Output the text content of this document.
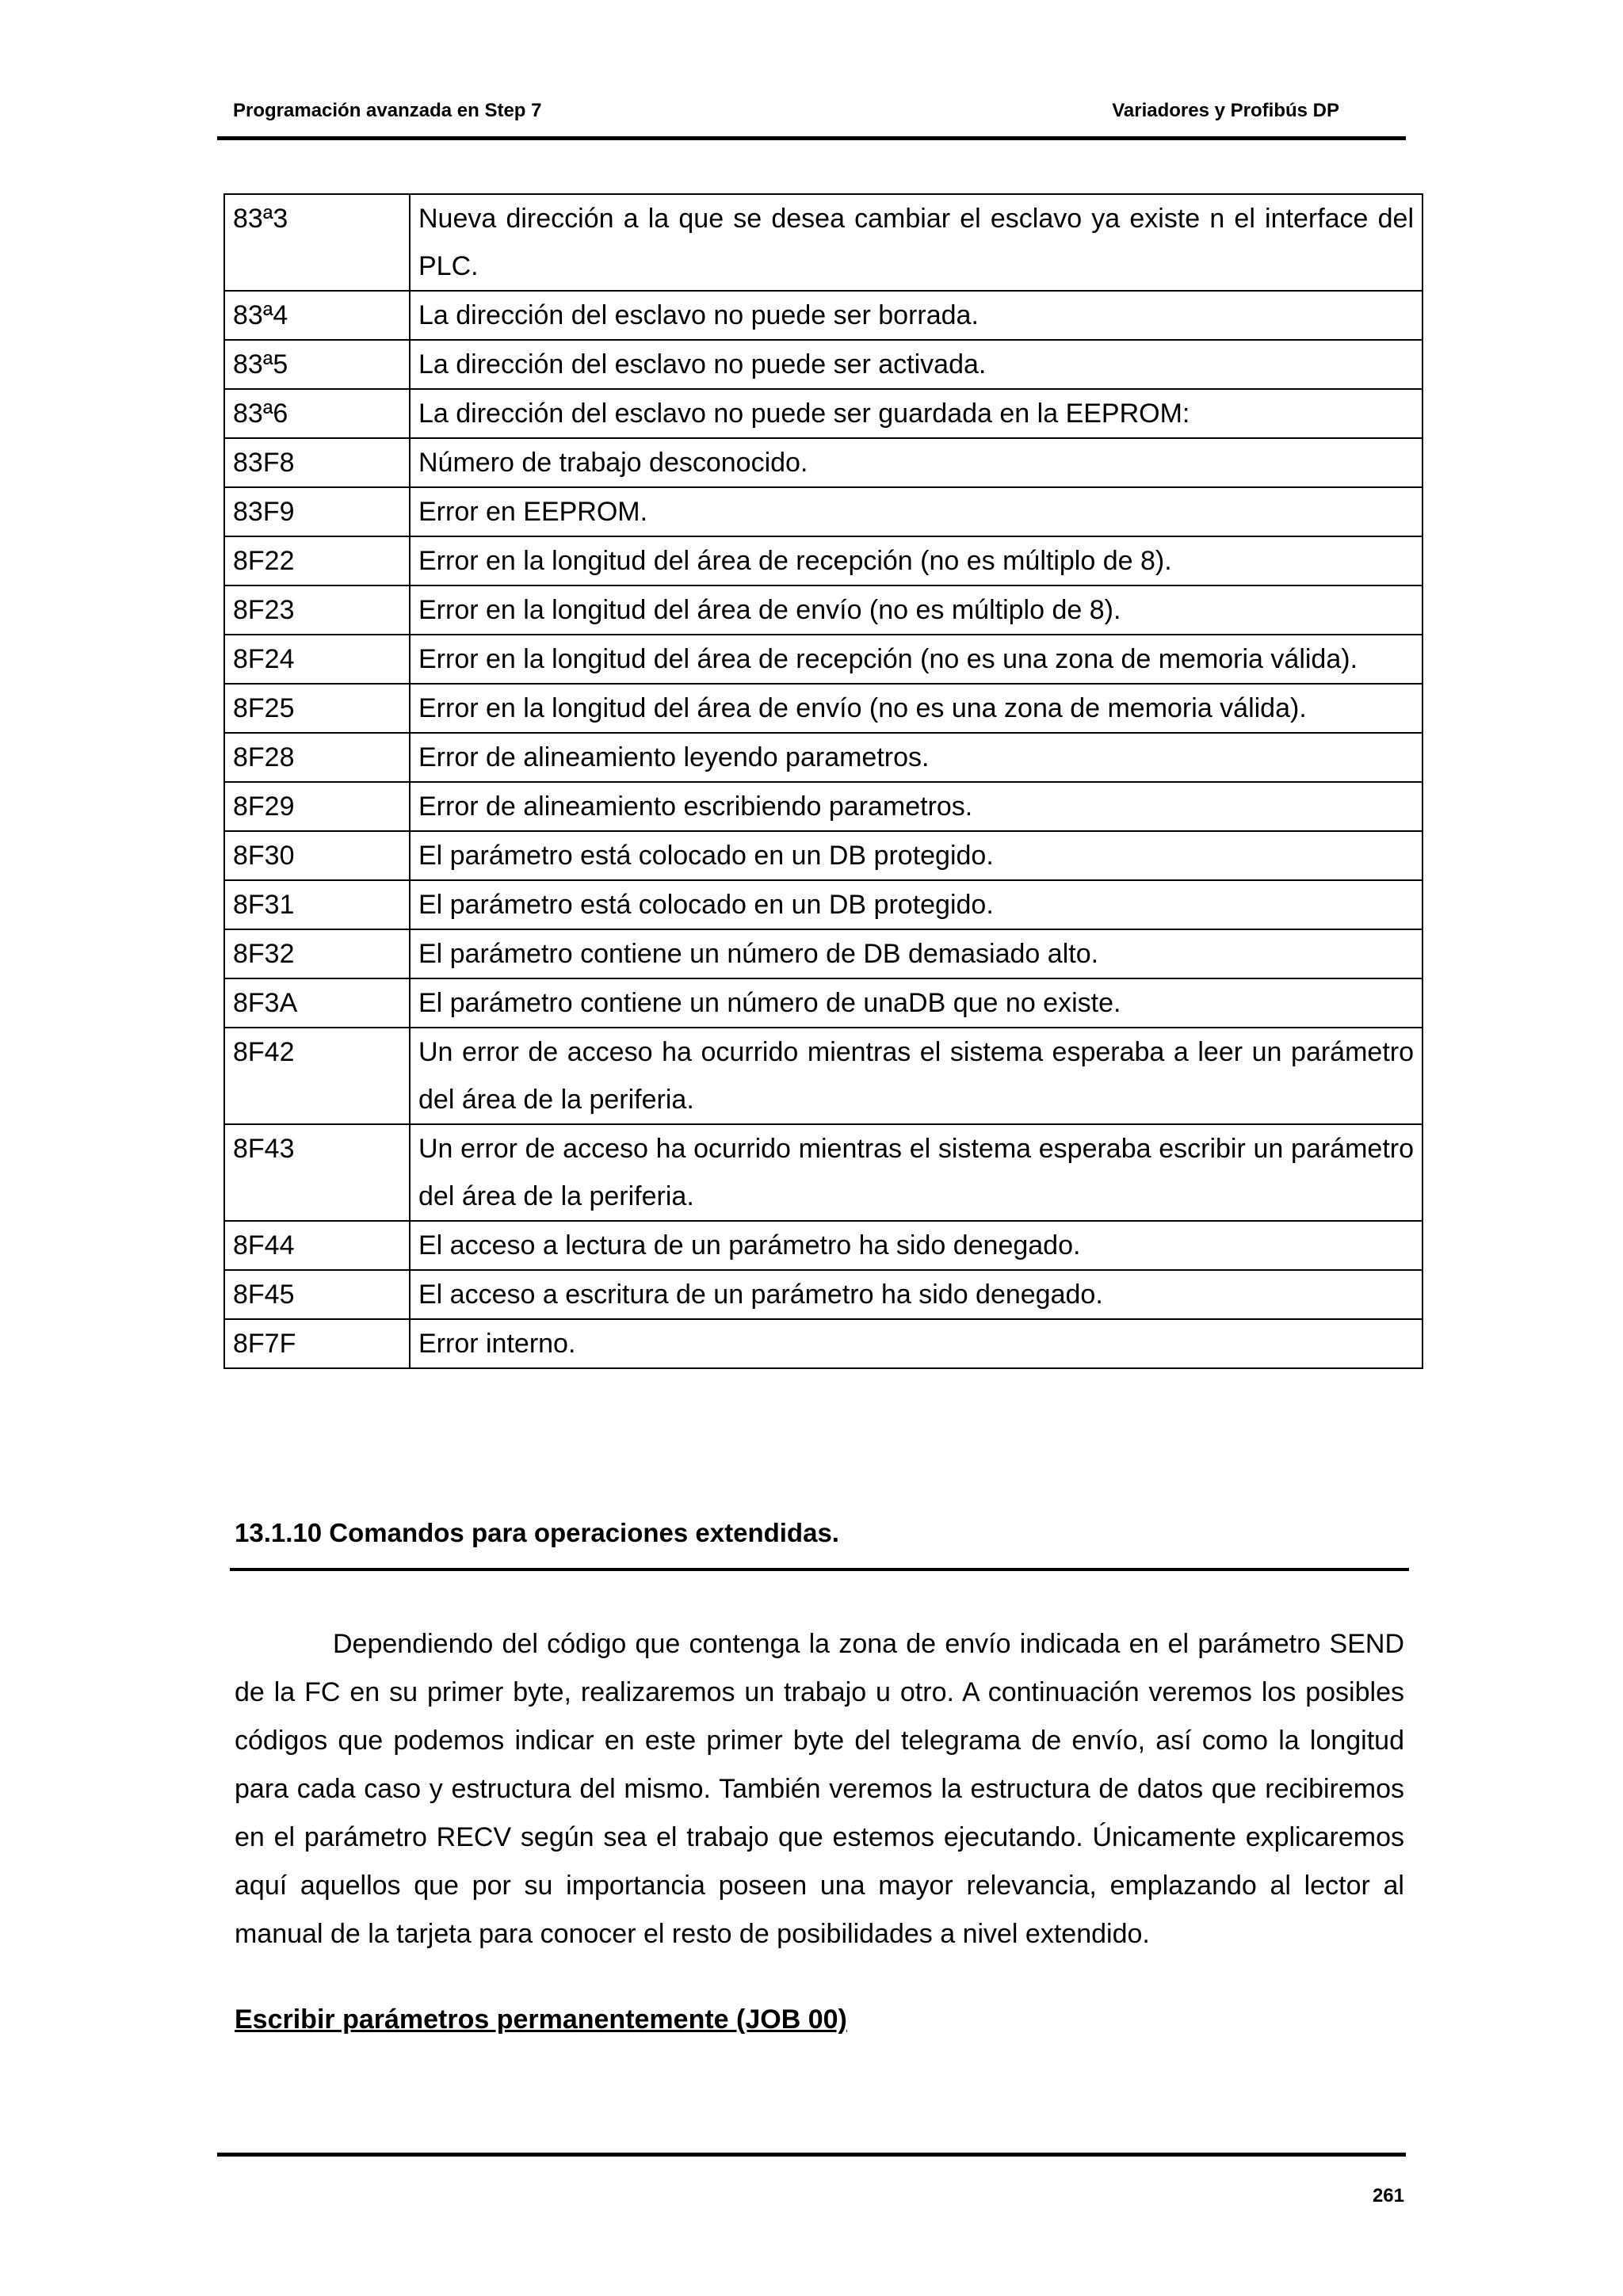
Programación avanzada en Step 7	Variadores y Profibús DP
83ª3	Nueva dirección a la que se desea cambiar el esclavo ya existe n el interface del PLC.
83ª4	La dirección del esclavo no puede ser borrada.
83ª5	La dirección del esclavo no puede ser activada.
83ª6	La dirección del esclavo no puede ser guardada en la EEPROM:
83F8	Número de trabajo desconocido.
83F9	Error en EEPROM.
8F22	Error en la longitud del área de recepción (no es múltiplo de 8).
8F23	Error en la longitud del área de envío (no es múltiplo de 8).
8F24	Error en la longitud del área de recepción (no es una zona de memoria válida).
8F25	Error en la longitud del área de envío (no es una zona de memoria válida).
8F28	Error de alineamiento leyendo parametros.
8F29	Error de alineamiento escribiendo parametros.
8F30	El parámetro está colocado en un DB protegido.
8F31	El parámetro está colocado en un DB protegido.
8F32	El parámetro contiene un número de DB demasiado alto.
8F3A	El parámetro contiene un número de unaDB que no existe.
8F42	Un error de acceso ha ocurrido mientras el sistema esperaba a leer un parámetro del área de la periferia.
8F43	Un error de acceso ha ocurrido mientras el sistema esperaba escribir un parámetro del área de la periferia.
8F44	El acceso a lectura de un parámetro ha sido denegado.
8F45	El acceso a escritura de un parámetro ha sido denegado.
8F7F	Error interno.
13.1.10 Comandos para operaciones extendidas.

Dependiendo del código que contenga la zona de envío indicada en el parámetro SEND de la FC en su primer byte, realizaremos un trabajo u otro. A continuación veremos los posibles códigos que podemos indicar en este primer byte del telegrama de envío, así como la longitud para cada caso y estructura del mismo. También veremos la estructura de datos que recibiremos en el parámetro RECV según sea el trabajo que estemos ejecutando. Únicamente explicaremos aquí aquellos que por su importancia poseen una mayor relevancia, emplazando al lector al manual de la tarjeta para conocer el resto de posibilidades a nivel extendido.

Escribir parámetros permanentemente (JOB 00)
261
